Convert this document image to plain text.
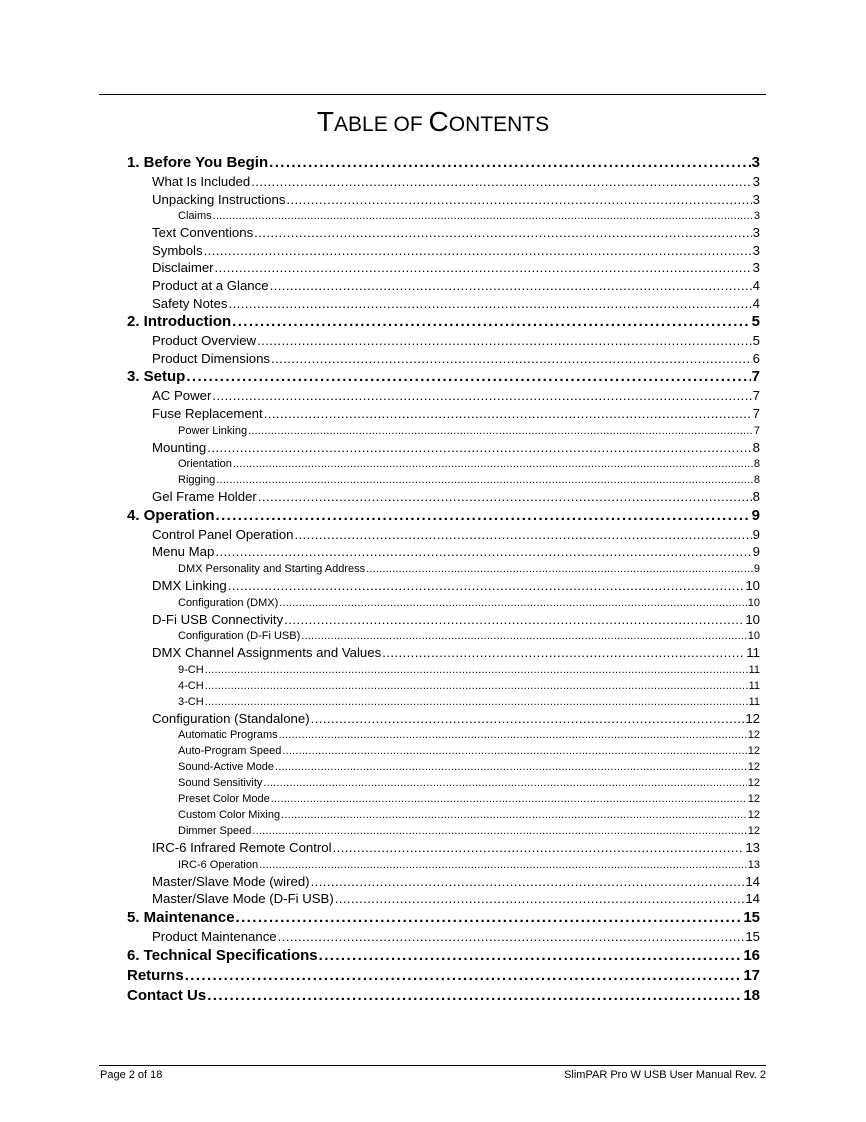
TABLE OF CONTENTS
1. Before You Begin .....	3
What Is Included .....	3
Unpacking Instructions .....	3
Claims .....	3
Text Conventions .....	3
Symbols .....	3
Disclaimer .....	3
Product at a Glance .....	4
Safety Notes .....	4
2. Introduction .....	5
Product Overview .....	5
Product Dimensions .....	6
3. Setup .....	7
AC Power .....	7
Fuse Replacement .....	7
Power Linking .....	7
Mounting .....	8
Orientation .....	8
Rigging .....	8
Gel Frame Holder .....	8
4. Operation .....	9
Control Panel Operation .....	9
Menu Map .....	9
DMX Personality and Starting Address .....	9
DMX Linking .....	10
Configuration (DMX) .....	10
D-Fi USB Connectivity .....	10
Configuration (D-Fi USB) .....	10
DMX Channel Assignments and Values .....	11
9-CH .....	11
4-CH .....	11
3-CH .....	11
Configuration (Standalone) .....	12
Automatic Programs .....	12
Auto-Program Speed .....	12
Sound-Active Mode .....	12
Sound Sensitivity .....	12
Preset Color Mode .....	12
Custom Color Mixing .....	12
Dimmer Speed .....	12
IRC-6 Infrared Remote Control .....	13
IRC-6 Operation .....	13
Master/Slave Mode (wired) .....	14
Master/Slave Mode (D-Fi USB) .....	14
5. Maintenance .....	15
Product Maintenance .....	15
6. Technical Specifications .....	16
Returns .....	17
Contact Us .....	18
Page 2 of 18	SlimPAR Pro W USB User Manual Rev. 2
